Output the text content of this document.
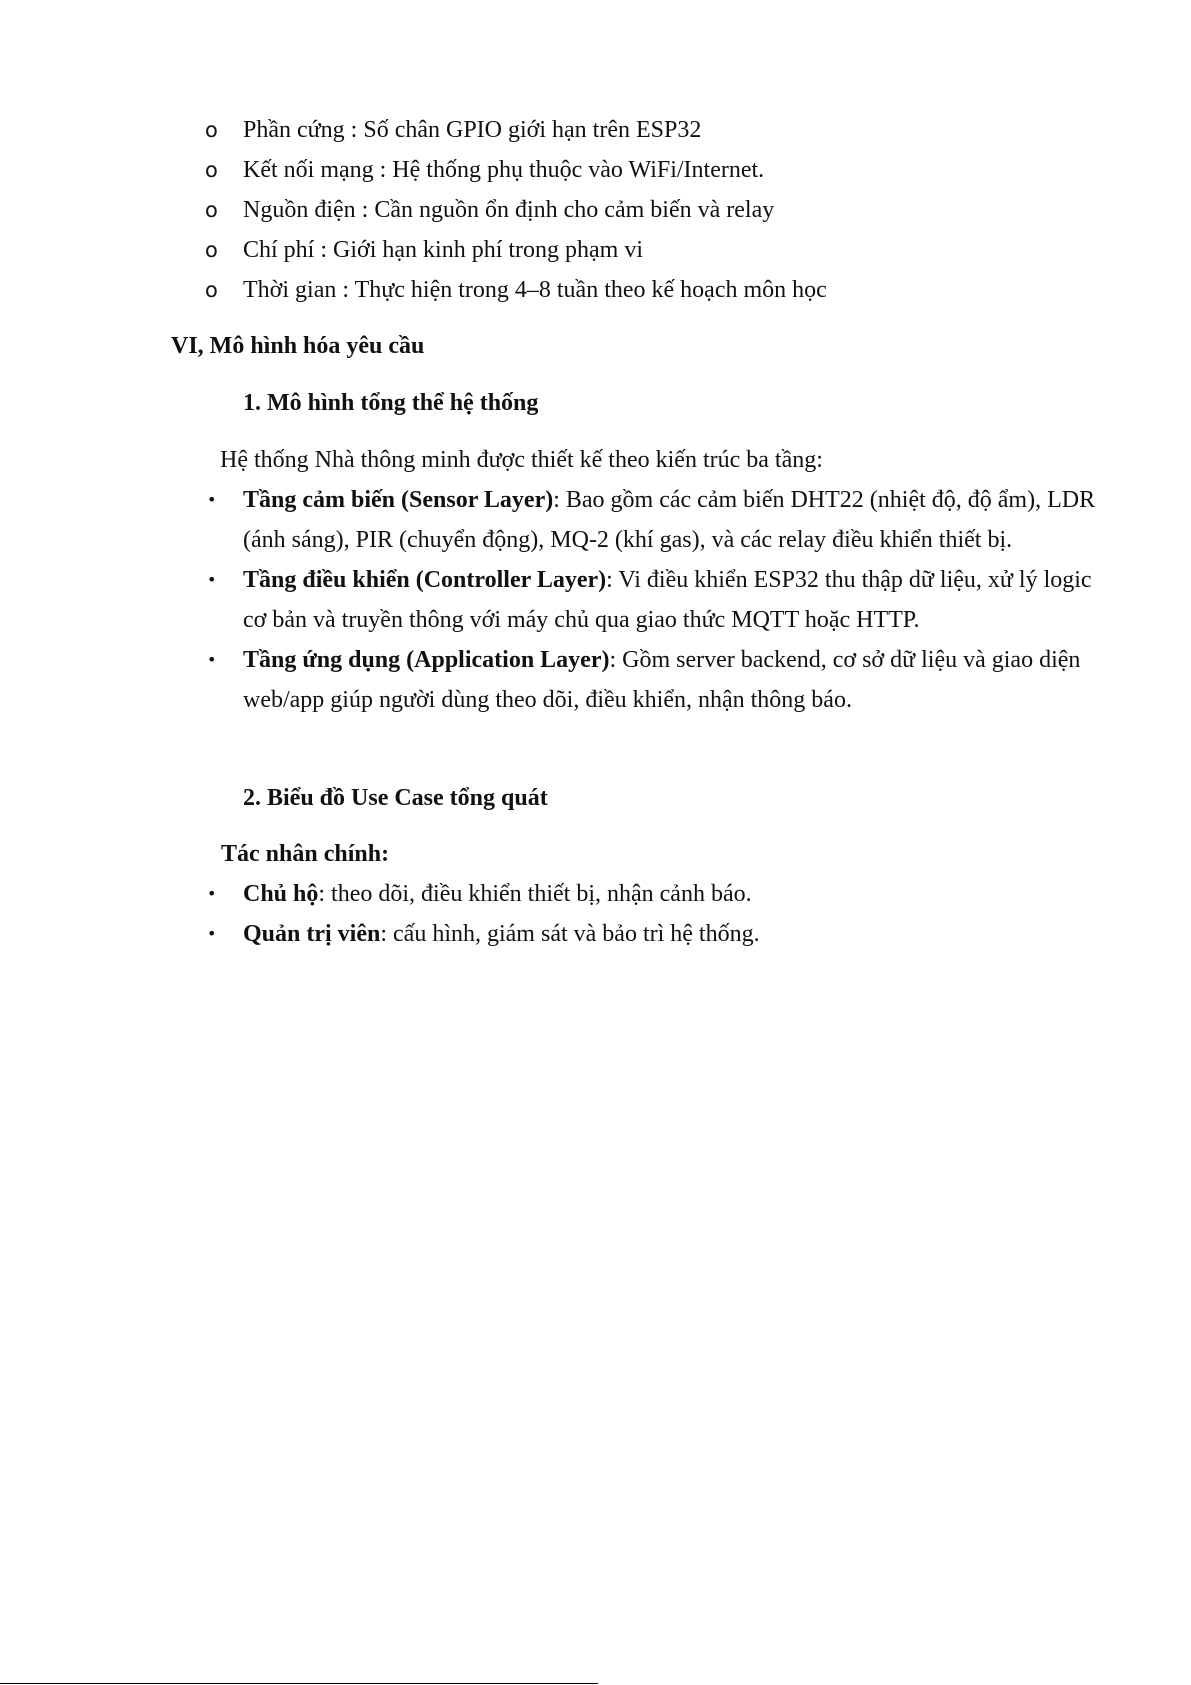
o Phần cứng : Số chân GPIO giới hạn trên ESP32
o Kết nối mạng : Hệ thống phụ thuộc vào WiFi/Internet.
o Nguồn điện : Cần nguồn ổn định cho cảm biến và relay
o Chí phí : Giới hạn kinh phí trong phạm vi
o Thời gian : Thực hiện trong 4–8 tuần theo kế hoạch môn học
VI, Mô hình hóa yêu cầu
1. Mô hình tổng thể hệ thống

Hệ thống Nhà thông minh được thiết kế theo kiến trúc ba tầng:

• Tầng cảm biến (Sensor Layer): Bao gồm các cảm biến DHT22 (nhiệt độ, độ ẩm), LDR (ánh sáng), PIR (chuyển động), MQ-2 (khí gas), và các relay điều khiển thiết bị.
• Tầng điều khiển (Controller Layer): Vi điều khiển ESP32 thu thập dữ liệu, xử lý logic cơ bản và truyền thông với máy chủ qua giao thức MQTT hoặc HTTP.
• Tầng ứng dụng (Application Layer): Gồm server backend, cơ sở dữ liệu và giao diện web/app giúp người dùng theo dõi, điều khiển, nhận thông báo.
2. Biểu đồ Use Case tổng quát

Tác nhân chính:

• Chủ hộ: theo dõi, điều khiển thiết bị, nhận cảnh báo.
• Quản trị viên: cấu hình, giám sát và bảo trì hệ thống.
